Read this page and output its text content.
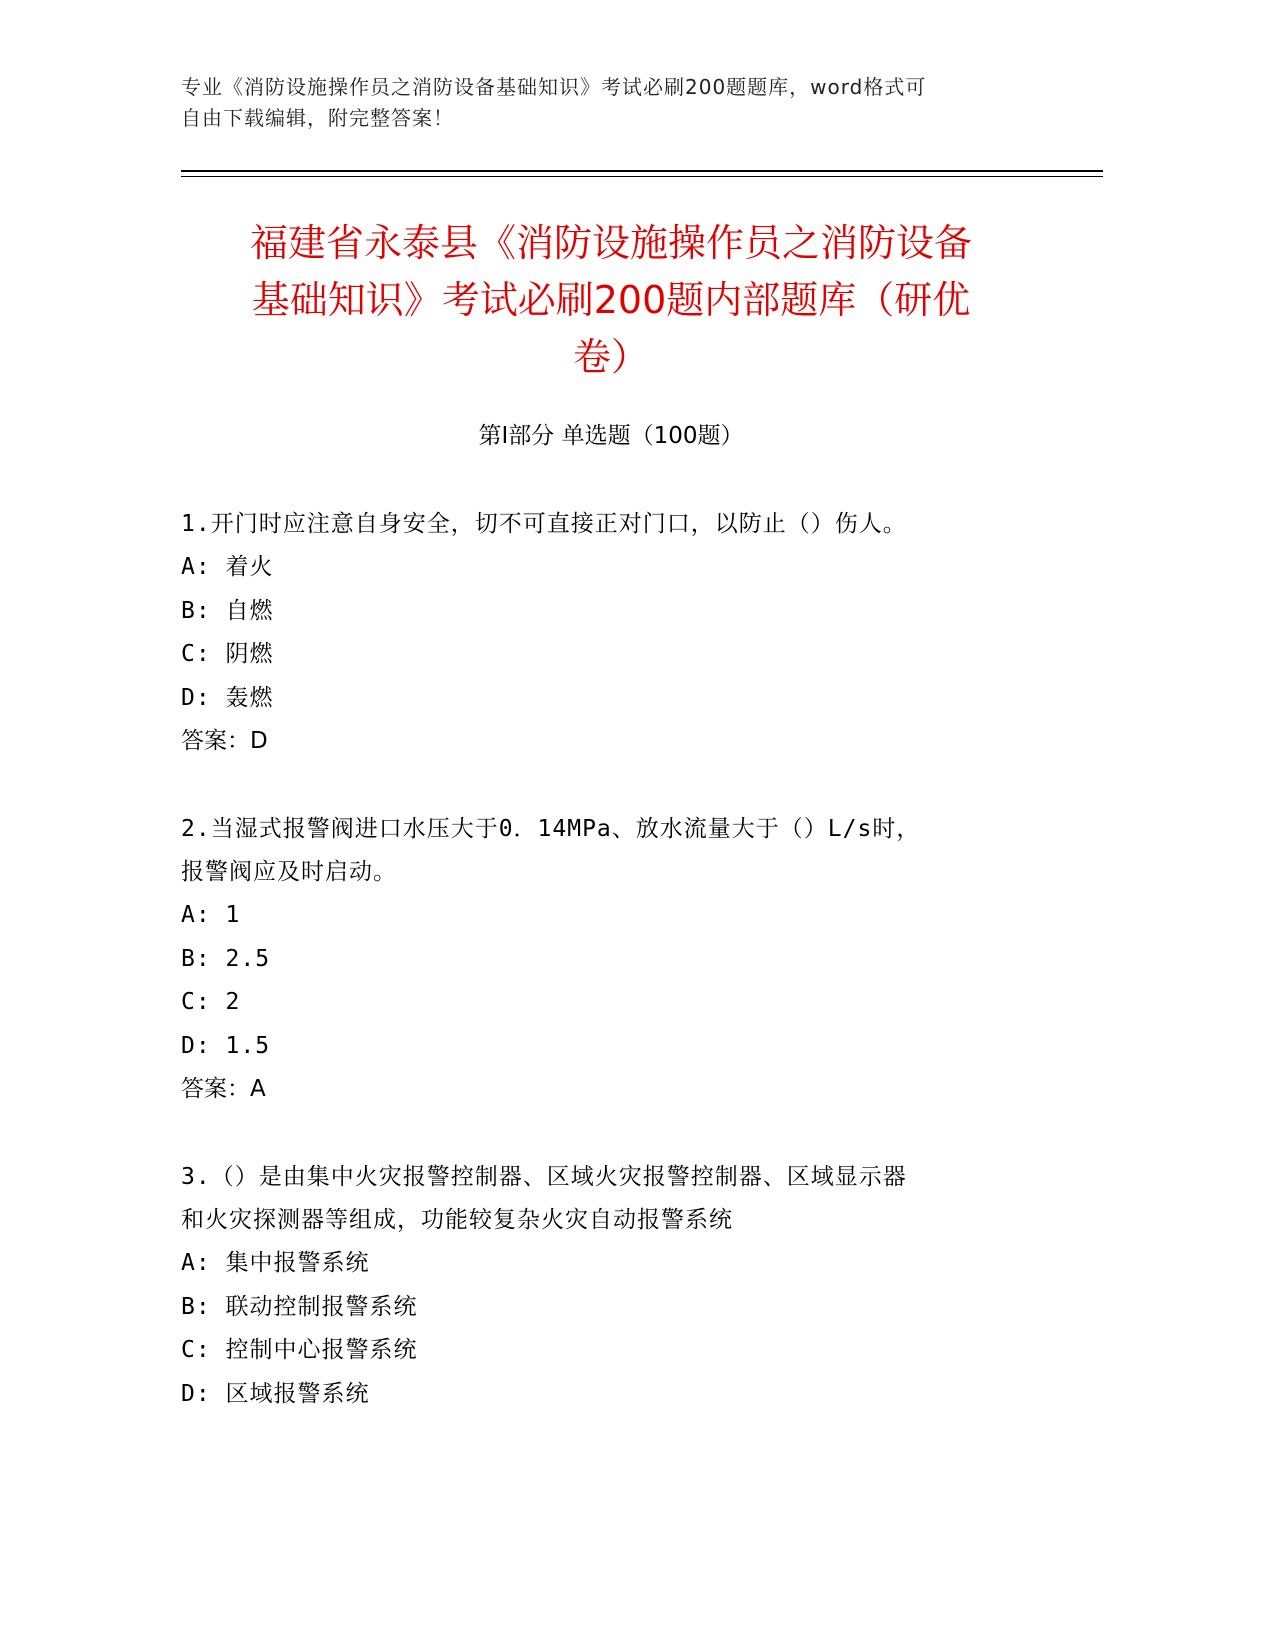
专业《消防设施操作员之消防设备基础知识》考试必刷200题题库，word格式可
自由下载编辑，附完整答案！
福建省永泰县《消防设施操作员之消防设备
基础知识》考试必刷200题内部题库（研优
卷）
第I部分 单选题（100题）
1.开门时应注意自身安全，切不可直接正对门口，以防止（）伤人。
A: 着火
B: 自燃
C: 阴燃
D: 轰燃
答案：D
2.当湿式报警阀进口水压大于0．14MPa、放水流量大于（）L/s时，
报警阀应及时启动。
A: 1
B: 2.5
C: 2
D: 1.5
答案：A
3.（）是由集中火灾报警控制器、区域火灾报警控制器、区域显示器
和火灾探测器等组成，功能较复杂火灾自动报警系统
A: 集中报警系统
B: 联动控制报警系统
C: 控制中心报警系统
D: 区域报警系统
